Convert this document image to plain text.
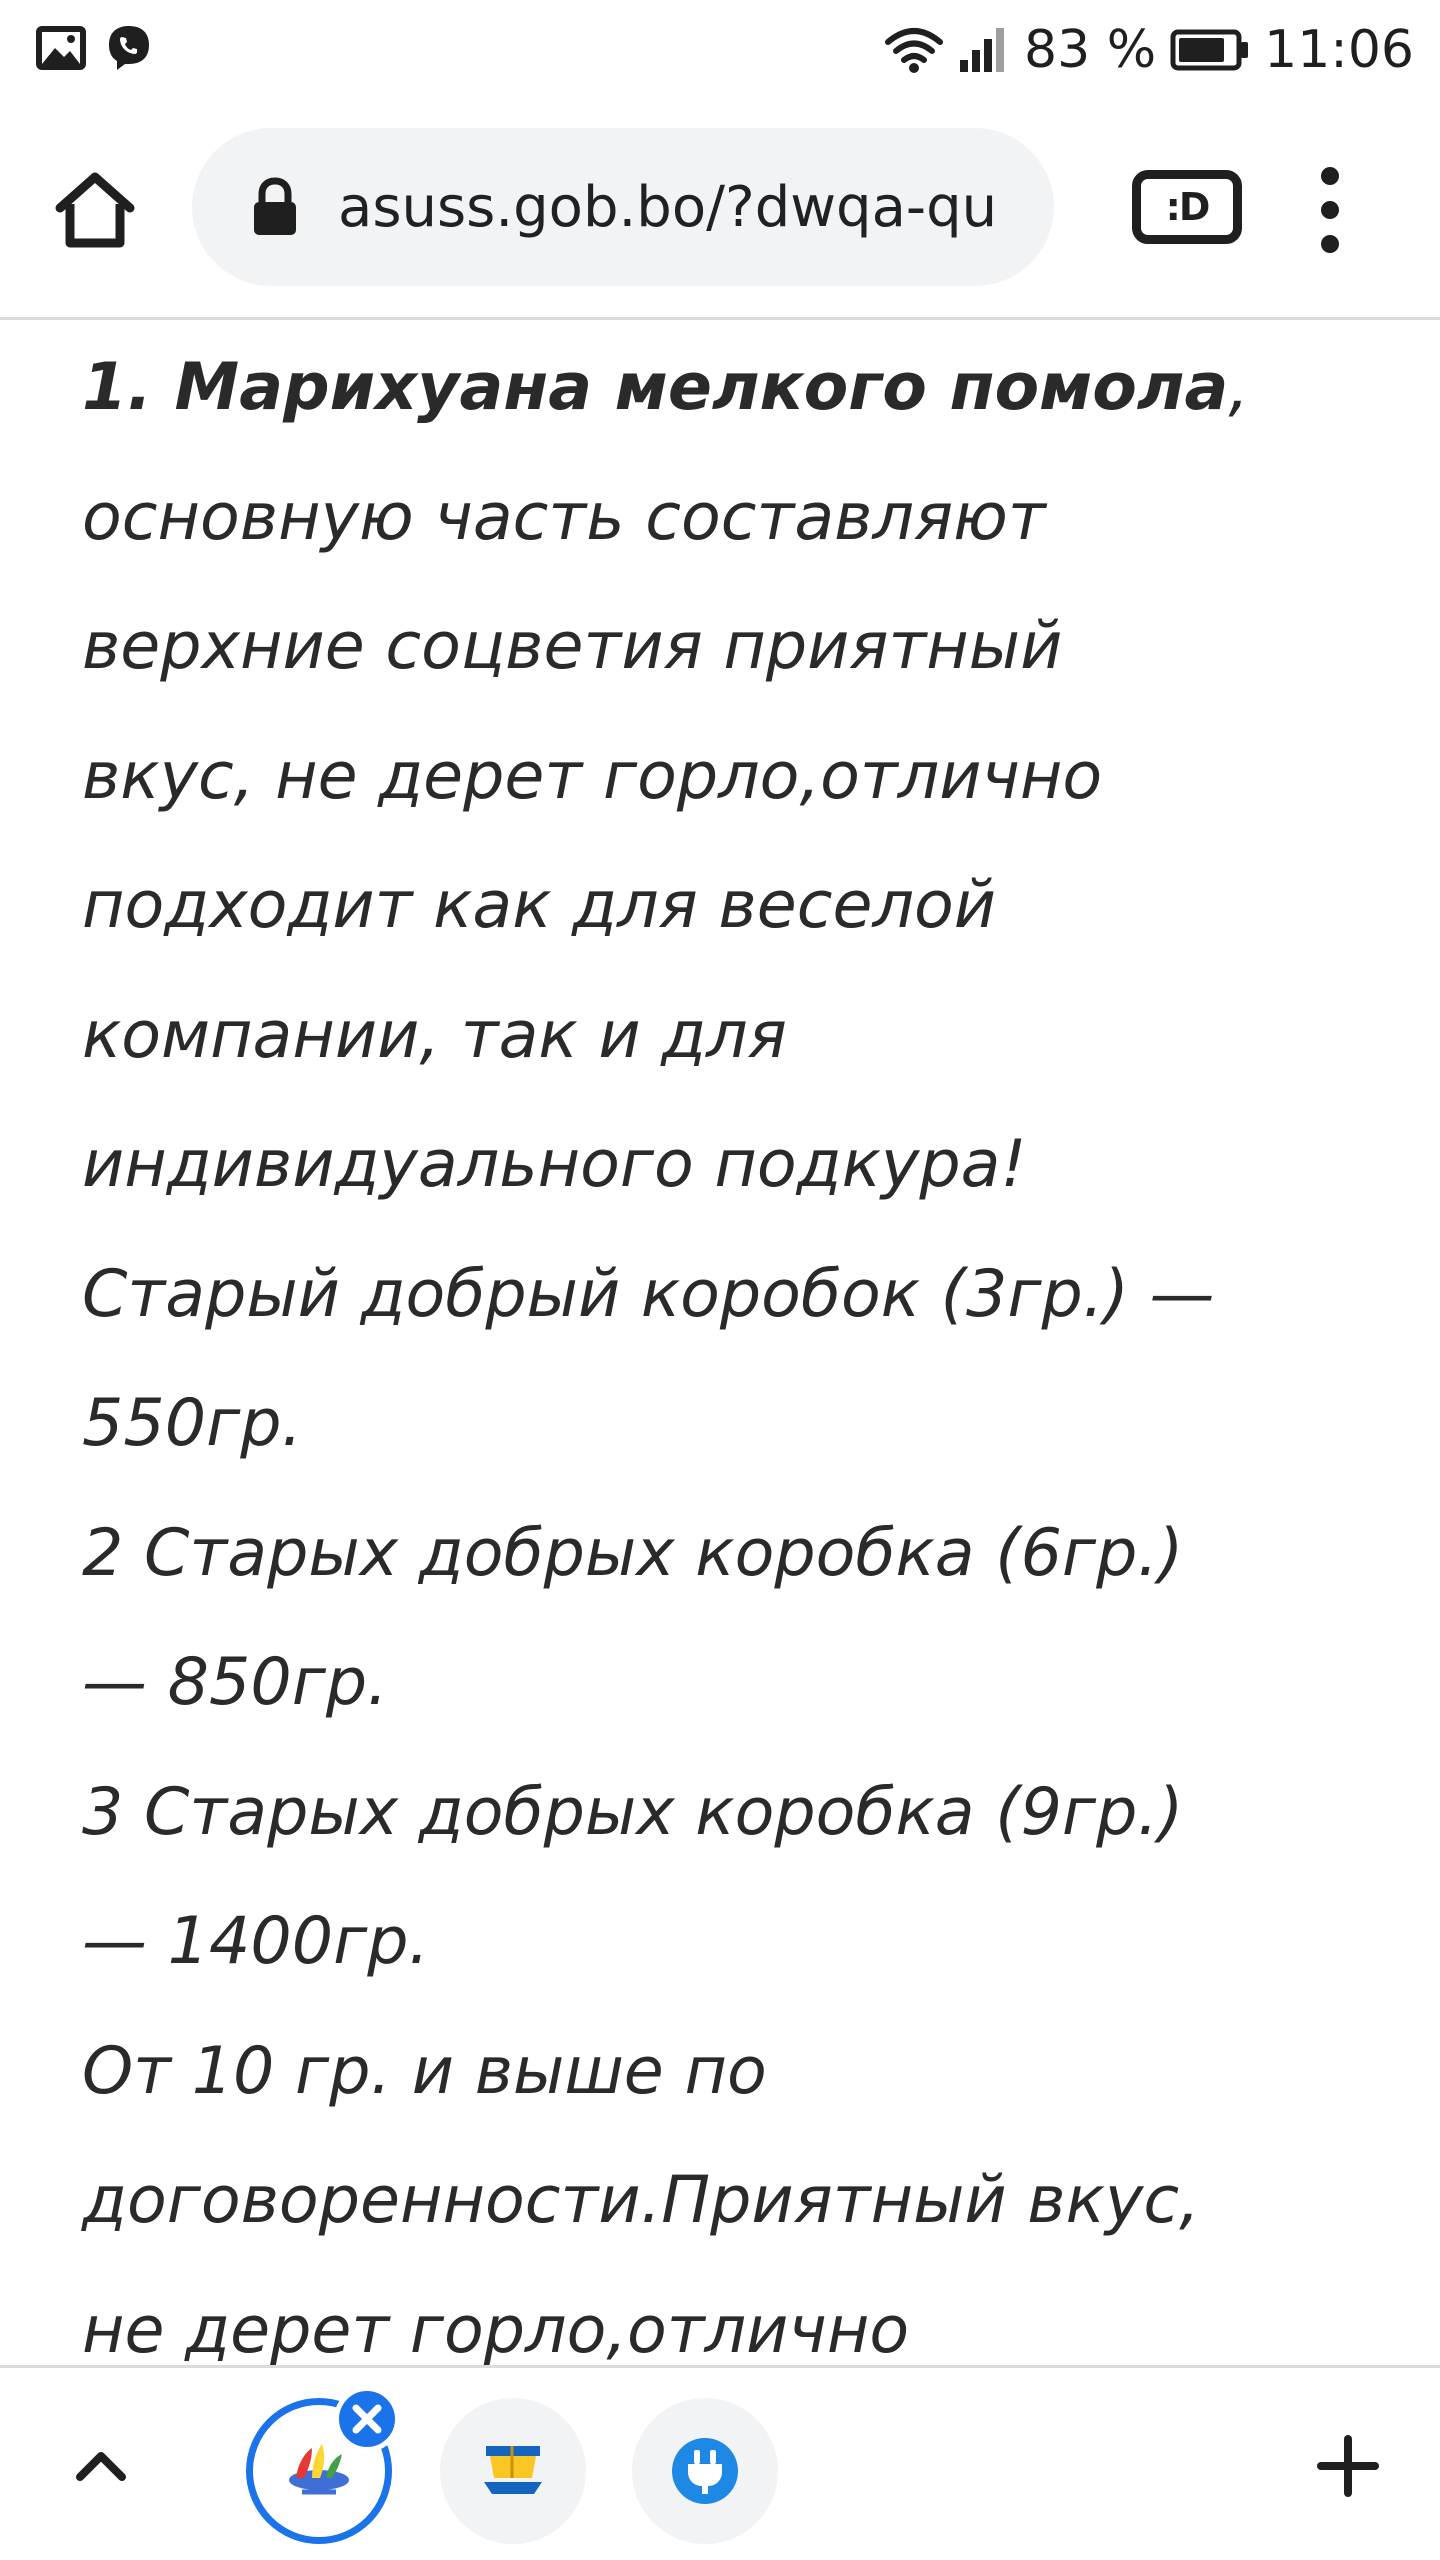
83 % 11:06
asuss.gob.bo/?dwqa-qu	:D

1. Марихуана мелкого помола,

основную часть составляют

верхние соцветия приятный

вкус, не дерет горло,отлично

подходит как для веселой

компании, так и для

индивидуального подкура!

Старый добрый коробок (3гр.) —

550гр.

2 Старых добрых коробка (6гр.)

— 850гр.

3 Старых добрых коробка (9гр.)

— 1400гр.

От 10 гр. и выше по

договоренности.Приятный вкус,

не дерет горло,отлично
